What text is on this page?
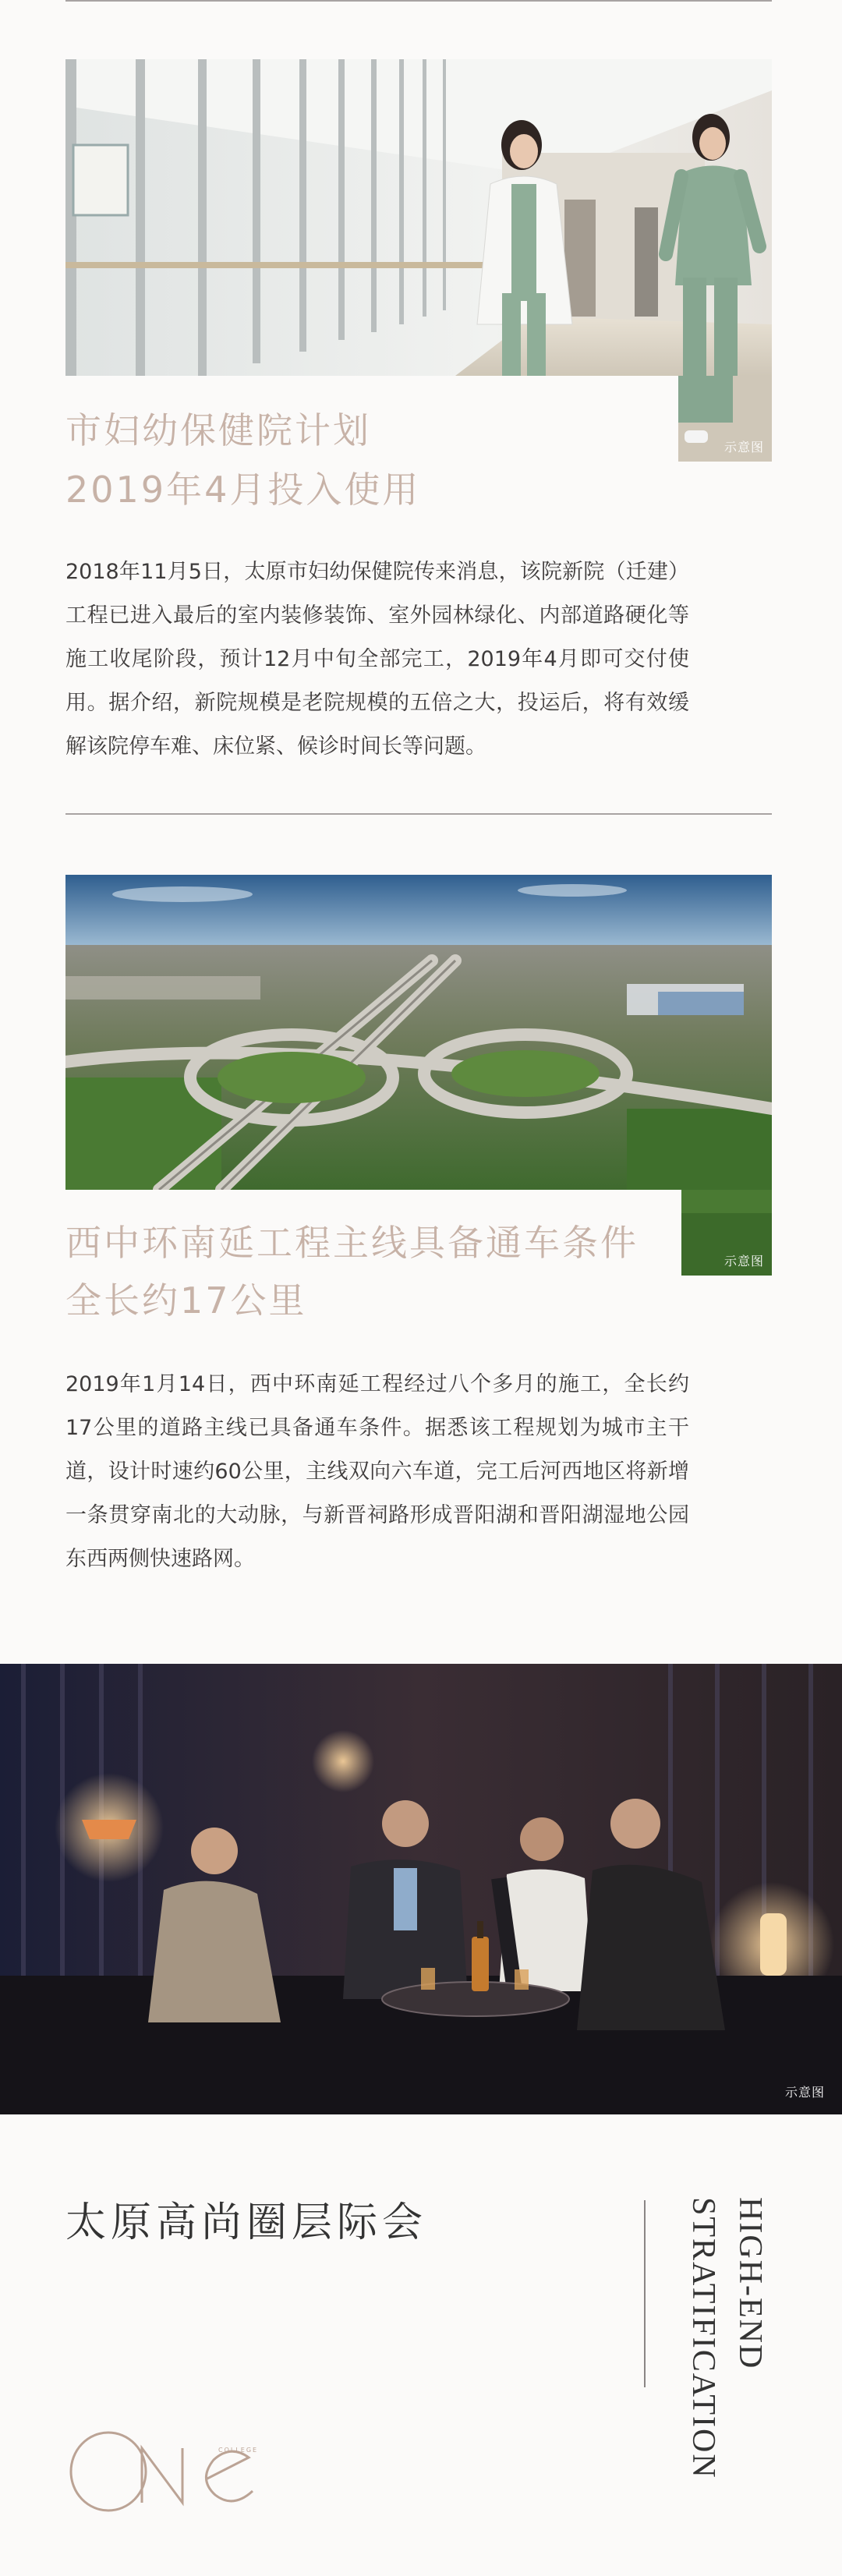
示意图
市妇幼保健院计划
2019年4月投入使用
2018年11月5日，太原市妇幼保健院传来消息，该院新院（迁建）工程已进入最后的室内装修装饰、室外园林绿化、内部道路硬化等施工收尾阶段，预计12月中旬全部完工，2019年4月即可交付使用。据介绍，新院规模是老院规模的五倍之大，投运后，将有效缓解该院停车难、床位紧、候诊时间长等问题。
示意图
西中环南延工程主线具备通车条件
全长约17公里
2019年1月14日，西中环南延工程经过八个多月的施工，全长约17公里的道路主线已具备通车条件。据悉该工程规划为城市主干道，设计时速约60公里，主线双向六车道，完工后河西地区将新增一条贯穿南北的大动脉，与新晋祠路形成晋阳湖和晋阳湖湿地公园东西两侧快速路网。
示意图
太原高尚圈层际会	HIGH-END
STRATIFICATION
COLLEGE
